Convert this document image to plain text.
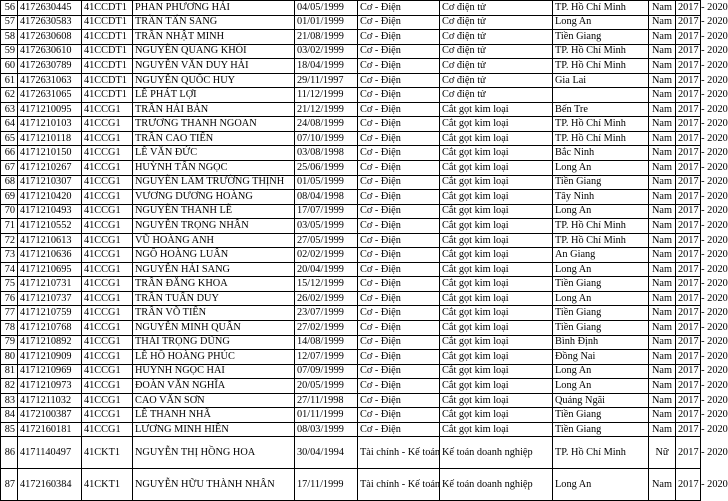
56	4172630445	41CCDT1	PHAN PHƯƠNG HẢI	04/05/1999	Cơ - Điện	Cơ điện tử	TP. Hồ Chí Minh	Nam	2017 - 2020
57	4172630583	41CCDT1	TRẦN TẤN SANG	01/01/1999	Cơ - Điện	Cơ điện tử	Long An	Nam	2017 - 2020
58	4172630608	41CCDT1	TRẦN NHẬT MINH	21/08/1999	Cơ - Điện	Cơ điện tử	Tiền Giang	Nam	2017 - 2020
59	4172630610	41CCDT1	NGUYỄN QUANG KHÔI	03/02/1999	Cơ - Điện	Cơ điện tử	TP. Hồ Chí Minh	Nam	2017 - 2020
60	4172630789	41CCDT1	NGUYỄN VĂN DUY HẢI	18/04/1999	Cơ - Điện	Cơ điện tử	TP. Hồ Chí Minh	Nam	2017 - 2020
61	4172631063	41CCDT1	NGUYỄN QUỐC HUY	29/11/1997	Cơ - Điện	Cơ điện tử	Gia Lai	Nam	2017 - 2020
62	4172631065	41CCDT1	LÊ PHÁT LỢI	11/12/1999	Cơ - Điện	Cơ điện tử		Nam	2017 - 2020
63	4171210095	41CCG1	TRẦN HẢI BẢN	21/12/1999	Cơ - Điện	Cắt gọt kim loại	Bến Tre	Nam	2017 - 2020
64	4171210103	41CCG1	TRƯƠNG THANH NGOAN	24/08/1999	Cơ - Điện	Cắt gọt kim loại	TP. Hồ Chí Minh	Nam	2017 - 2020
65	4171210118	41CCG1	TRẦN CAO TIẾN	07/10/1999	Cơ - Điện	Cắt gọt kim loại	TP. Hồ Chí Minh	Nam	2017 - 2020
66	4171210150	41CCG1	LÊ VĂN ĐỨC	03/08/1998	Cơ - Điện	Cắt gọt kim loại	Bắc Ninh	Nam	2017 - 2020
67	4171210267	41CCG1	HUỲNH TẤN NGỌC	25/06/1999	Cơ - Điện	Cắt gọt kim loại	Long An	Nam	2017 - 2020
68	4171210307	41CCG1	NGUYỄN LÂM TRƯỜNG THỊNH	01/05/1999	Cơ - Điện	Cắt gọt kim loại	Tiền Giang	Nam	2017 - 2020
69	4171210420	41CCG1	VƯƠNG DƯƠNG HOÀNG	08/04/1998	Cơ - Điện	Cắt gọt kim loại	Tây Ninh	Nam	2017 - 2020
70	4171210493	41CCG1	NGUYỄN THÀNH LỄ	17/07/1999	Cơ - Điện	Cắt gọt kim loại	Long An	Nam	2017 - 2020
71	4171210552	41CCG1	NGUYỄN TRỌNG NHÂN	03/05/1999	Cơ - Điện	Cắt gọt kim loại	TP. Hồ Chí Minh	Nam	2017 - 2020
72	4171210613	41CCG1	VŨ HOÀNG ANH	27/05/1999	Cơ - Điện	Cắt gọt kim loại	TP. Hồ Chí Minh	Nam	2017 - 2020
73	4171210636	41CCG1	NGÔ HOÀNG LUÂN	02/02/1999	Cơ - Điện	Cắt gọt kim loại	An Giang	Nam	2017 - 2020
74	4171210695	41CCG1	NGUYỄN HẢI SANG	20/04/1999	Cơ - Điện	Cắt gọt kim loại	Long An	Nam	2017 - 2020
75	4171210731	41CCG1	TRẦN ĐĂNG KHOA	15/12/1999	Cơ - Điện	Cắt gọt kim loại	Tiền Giang	Nam	2017 - 2020
76	4171210737	41CCG1	TRẦN TUẤN DUY	26/02/1999	Cơ - Điện	Cắt gọt kim loại	Long An	Nam	2017 - 2020
77	4171210759	41CCG1	TRẦN VÕ TIẾN	23/07/1999	Cơ - Điện	Cắt gọt kim loại	Tiền Giang	Nam	2017 - 2020
78	4171210768	41CCG1	NGUYỄN MINH QUÂN	27/02/1999	Cơ - Điện	Cắt gọt kim loại	Tiền Giang	Nam	2017 - 2020
79	4171210892	41CCG1	THÁI TRỌNG DŨNG	14/08/1999	Cơ - Điện	Cắt gọt kim loại	Bình Định	Nam	2017 - 2020
80	4171210909	41CCG1	LÊ HỒ HOÀNG PHÚC	12/07/1999	Cơ - Điện	Cắt gọt kim loại	Đồng Nai	Nam	2017 - 2020
81	4171210969	41CCG1	HUỲNH NGỌC HẢI	07/09/1999	Cơ - Điện	Cắt gọt kim loại	Long An	Nam	2017 - 2020
82	4171210973	41CCG1	ĐOÀN VĂN NGHĨA	20/05/1999	Cơ - Điện	Cắt gọt kim loại	Long An	Nam	2017 - 2020
83	4171211032	41CCG1	CAO VĂN SƠN	27/11/1998	Cơ - Điện	Cắt gọt kim loại	Quảng Ngãi	Nam	2017 - 2020
84	4172100387	41CCG1	LÊ THANH NHÃ	01/11/1999	Cơ - Điện	Cắt gọt kim loại	Tiền Giang	Nam	2017 - 2020
85	4172160181	41CCG1	LƯƠNG MINH HIỀN	08/03/1999	Cơ - Điện	Cắt gọt kim loại	Tiền Giang	Nam	2017 - 2020
86	4171140497	41CKT1	NGUYỄN THỊ HỒNG HOA	30/04/1994	Tài chính - Kế toán	Kế toán doanh nghiệp	TP. Hồ Chí Minh	Nữ	2017 - 2020
87	4172160384	41CKT1	NGUYỄN HỮU THÀNH NHÂN	17/11/1999	Tài chính - Kế toán	Kế toán doanh nghiệp	Long An	Nam	2017 - 2020
